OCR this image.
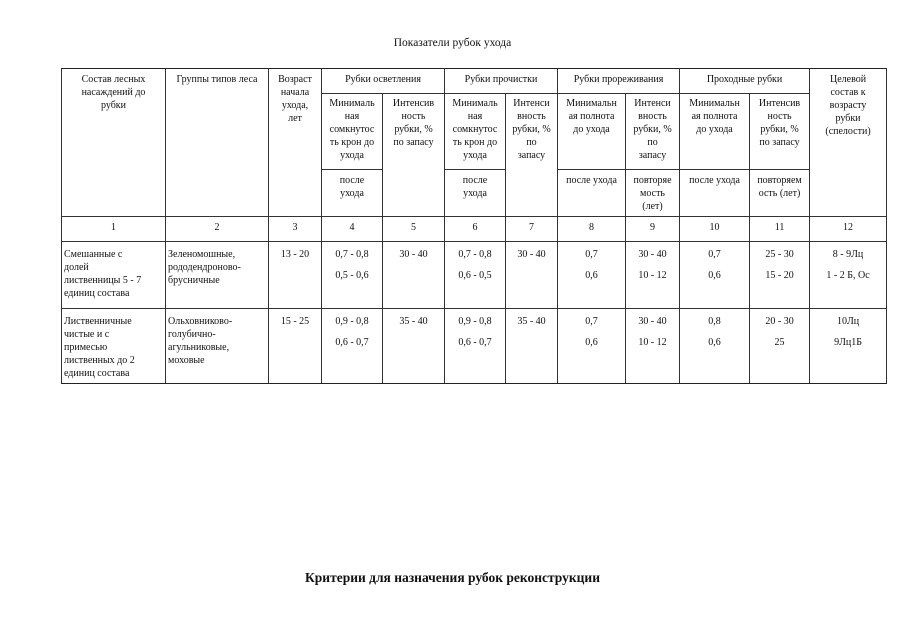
Показатели рубок ухода
Состав лесных
насаждений до
рубки	Группы типов леса	Возраст
начала
ухода,
лет	Рубки осветления		Рубки прочистки		Рубки прореживания		Проходные рубки		Целевой
состав к
возрасту
рубки
(спелости)
			Минималь
ная
сомкнутос
ть крон до
ухода	Интенсив
ность
рубки, %
по запасу	Минималь
ная
сомкнутос
ть крон до
ухода	Интенси
вность
рубки, %
по
запасу	Минимальн
ая полнота
до ухода	Интенси
вность
рубки, %
по
запасу	Минимальн
ая полнота
до ухода	Интенсив
ность
рубки, %
по запасу	
			после
ухода		после
ухода		после ухода	повторяе
мость
(лет)	после ухода	повторяем
ость (лет)	
1	2	3	4	5	6	7	8	9	10	11	12
Смешанные с
долей
лиственницы 5 - 7
единиц состава	Зеленомошные,
рододендроново-
брусничные	13 - 20	0,7 - 0,8
0,5 - 0,6	30 - 40	0,7 - 0,8
0,6 - 0,5	30 - 40	0,7
0,6	30 - 40
10 - 12	0,7
0,6	25 - 30
15 - 20	8 - 9Лц
1 - 2 Б, Ос

Лиственничные
чистые и с
примесью
лиственных до 2
единиц состава	Ольховниково-
голубично-
агульниковые,
моховые	15 - 25	0,9 - 0,8
0,6 - 0,7	35 - 40	0,9 - 0,8
0,6 - 0,7	35 - 40	0,7
0,6	30 - 40
10 - 12	0,8
0,6	20 - 30
25	10Лц
9Лц1Б
Критерии для назначения рубок реконструкции
